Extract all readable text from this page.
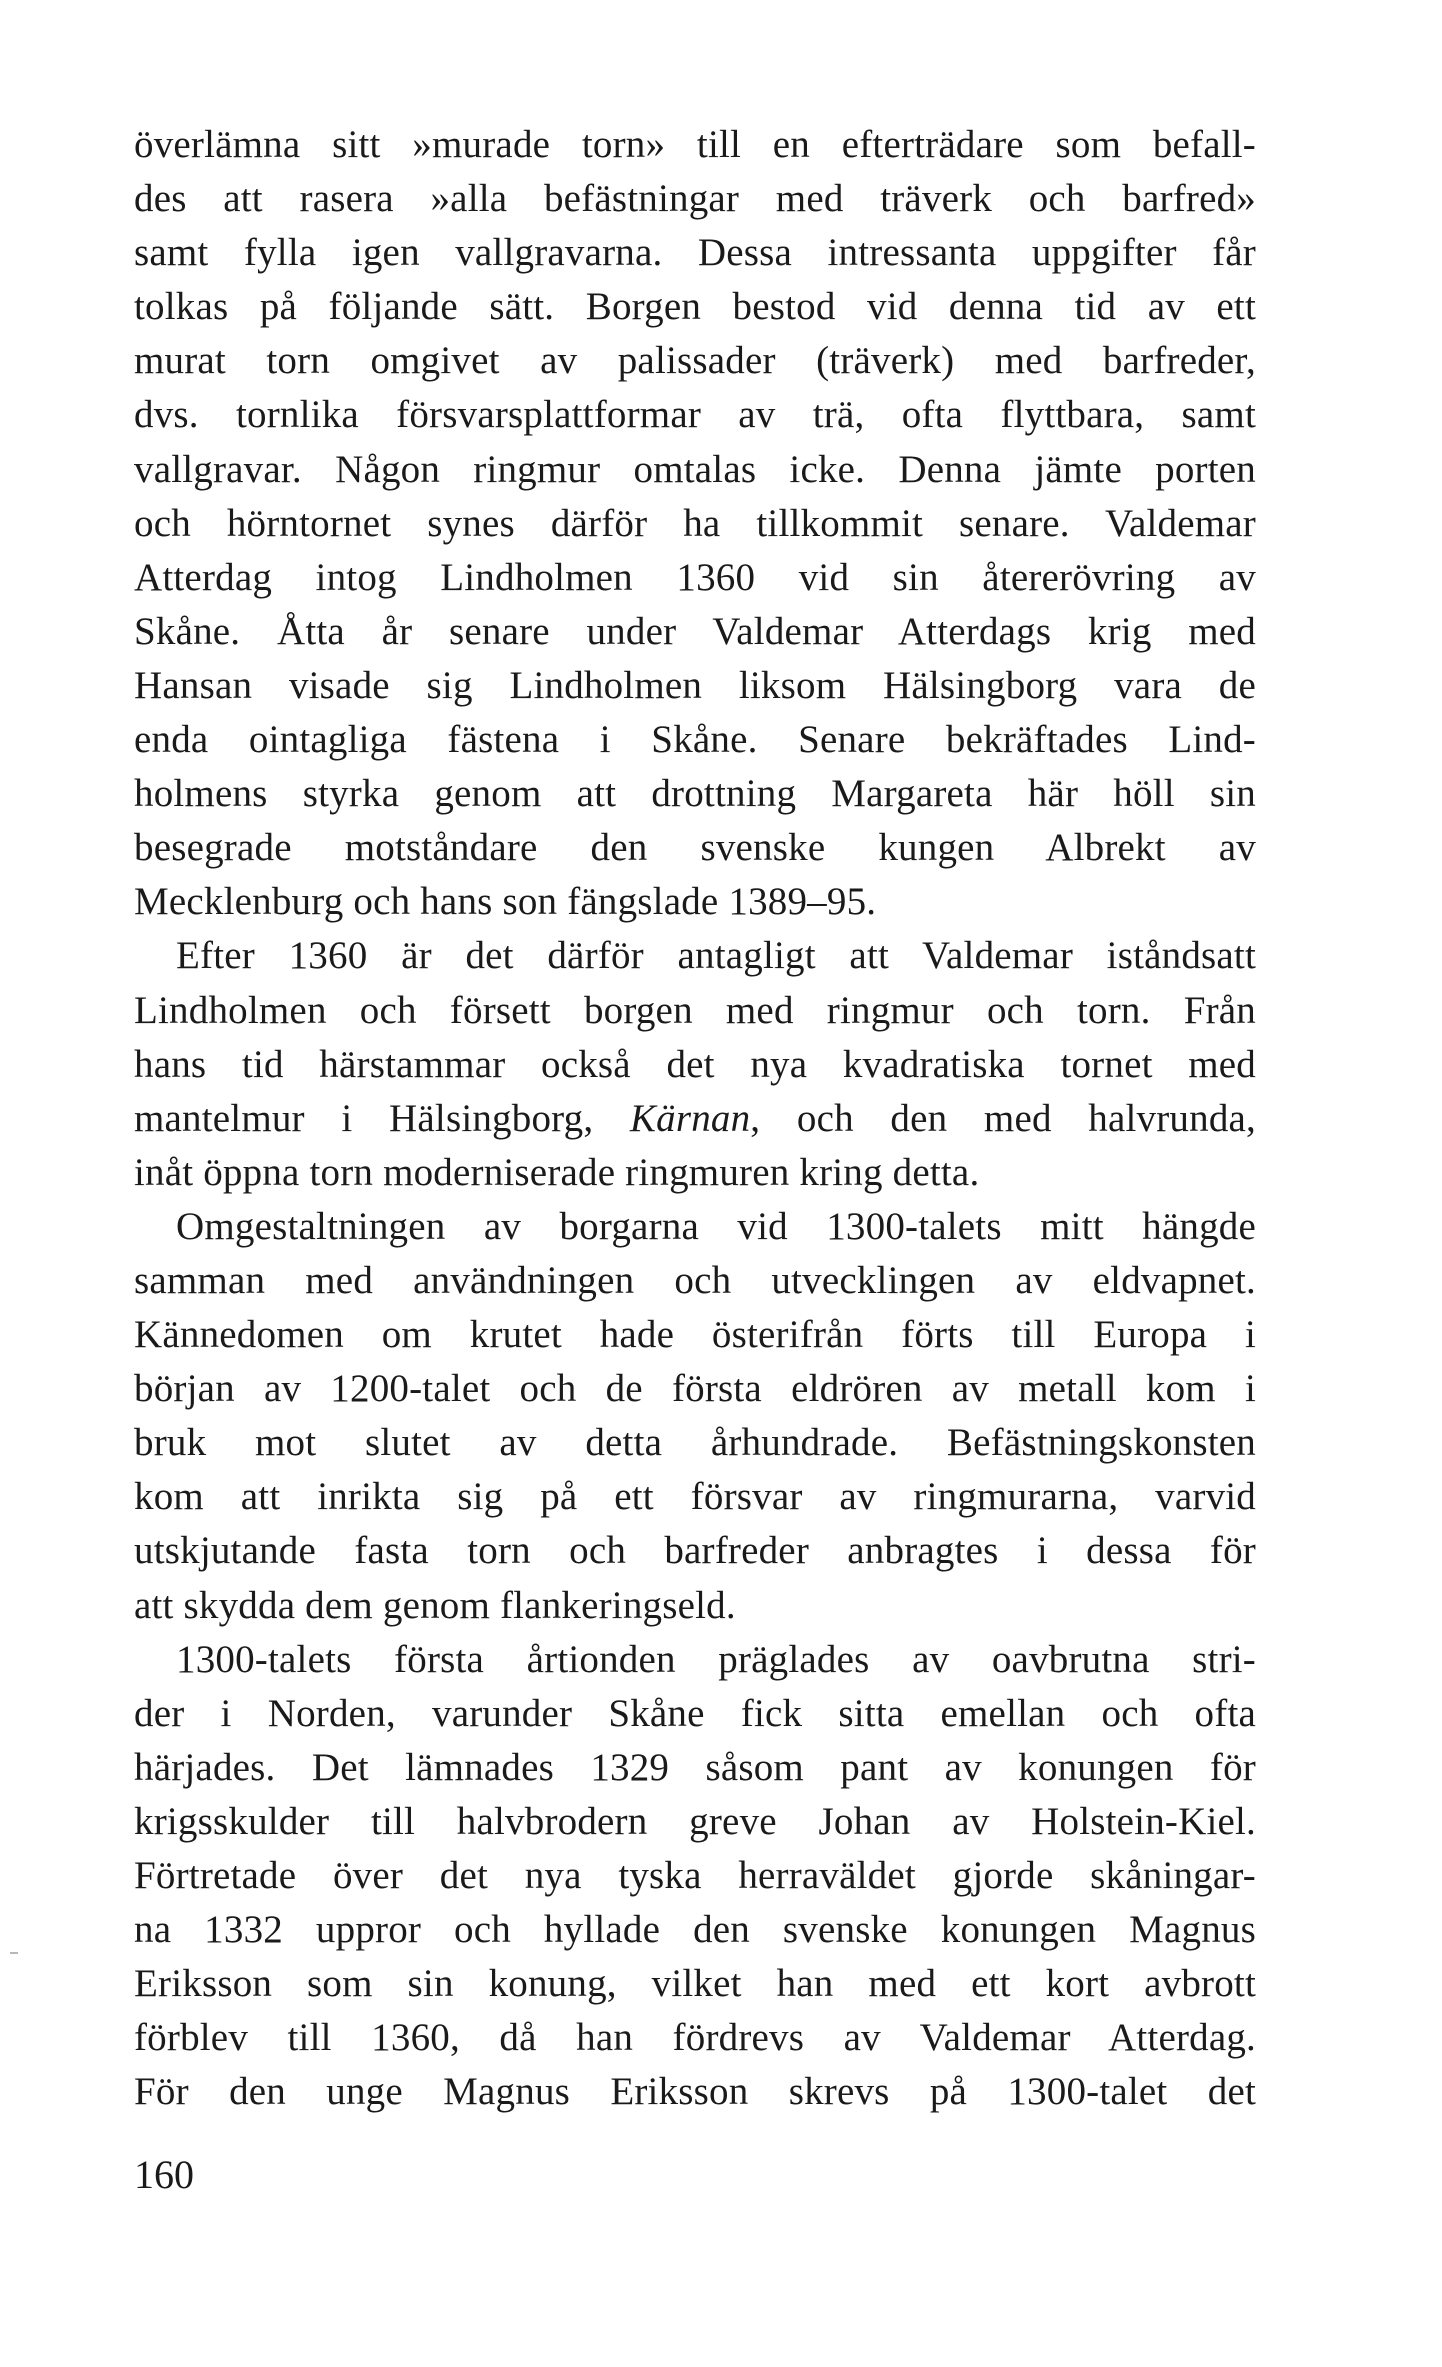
överlämna sitt »murade torn» till en efterträdare som befall-
des att rasera »alla befästningar med träverk och barfred»
samt fylla igen vallgravarna. Dessa intressanta uppgifter får
tolkas på följande sätt. Borgen bestod vid denna tid av ett
murat torn omgivet av palissader (träverk) med barfreder,
dvs. tornlika försvarsplattformar av trä, ofta flyttbara, samt
vallgravar. Någon ringmur omtalas icke. Denna jämte porten
och hörntornet synes därför ha tillkommit senare. Valdemar
Atterdag intog Lindholmen 1360 vid sin återerövring av
Skåne. Åtta år senare under Valdemar Atterdags krig med
Hansan visade sig Lindholmen liksom Hälsingborg vara de
enda ointagliga fästena i Skåne. Senare bekräftades Lind-
holmens styrka genom att drottning Margareta här höll sin
besegrade motståndare den svenske kungen Albrekt av
Mecklenburg och hans son fängslade 1389–95.
Efter 1360 är det därför antagligt att Valdemar iståndsatt
Lindholmen och försett borgen med ringmur och torn. Från
hans tid härstammar också det nya kvadratiska tornet med
mantelmur i Hälsingborg, Kärnan, och den med halvrunda,
inåt öppna torn moderniserade ringmuren kring detta.
Omgestaltningen av borgarna vid 1300-talets mitt hängde
samman med användningen och utvecklingen av eldvapnet.
Kännedomen om krutet hade österifrån förts till Europa i
början av 1200-talet och de första eldrören av metall kom i
bruk mot slutet av detta århundrade. Befästningskonsten
kom att inrikta sig på ett försvar av ringmurarna, varvid
utskjutande fasta torn och barfreder anbragtes i dessa för
att skydda dem genom flankeringseld.
1300-talets första årtionden präglades av oavbrutna stri-
der i Norden, varunder Skåne fick sitta emellan och ofta
härjades. Det lämnades 1329 såsom pant av konungen för
krigsskulder till halvbrodern greve Johan av Holstein-Kiel.
Förtretade över det nya tyska herraväldet gjorde skåningar-
na 1332 uppror och hyllade den svenske konungen Magnus
Eriksson som sin konung, vilket han med ett kort avbrott
förblev till 1360, då han fördrevs av Valdemar Atterdag.
För den unge Magnus Eriksson skrevs på 1300-talet det
160
